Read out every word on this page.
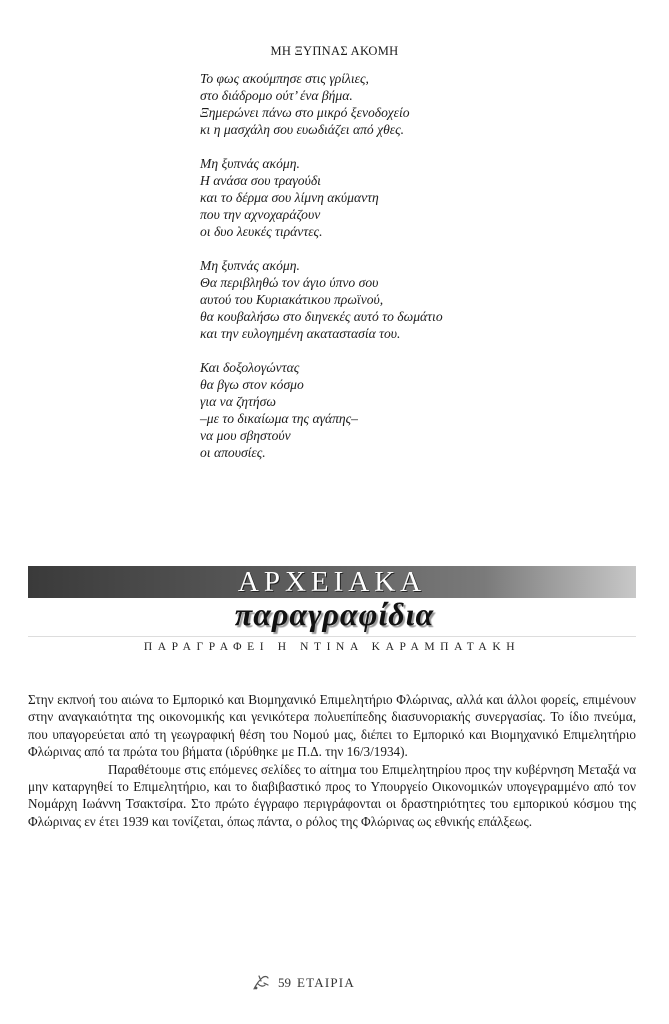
ΜΗ ΞΥΠΝΑΣ ΑΚΟΜΗ
Το φως ακούμπησε στις γρίλιες,
στο διάδρομο ούτ’ ένα βήμα.
Ξημερώνει πάνω στο μικρό ξενοδοχείο
κι η μασχάλη σου ευωδιάζει από χθες.
Μη ξυπνάς ακόμη.
Η ανάσα σου τραγούδι
και το δέρμα σου λίμνη ακύμαντη
που την αχνοχαράζουν
οι δυο λευκές τιράντες.
Μη ξυπνάς ακόμη.
Θα περιβληθώ τον άγιο ύπνο σου
αυτού του Κυριακάτικου πρωϊνού,
θα κουβαλήσω στο διηνεκές αυτό το δωμάτιο
και την ευλογημένη ακαταστασία του.
Και δοξολογώντας
θα βγω στον κόσμο
για να ζητήσω
–με το δικαίωμα της αγάπης–
να μου σβηστούν
οι απουσίες.
ΑΡΧΕΙΑΚΑ
παραγραφίδια
ΠΑΡΑΓΡΑΦΕΙ Η ΝΤΙΝΑ ΚΑΡΑΜΠΑΤΑΚΗ

Στην εκπνοή του αιώνα το Εμπορικό και Βιομηχανικό Επιμελητήριο Φλώρινας, αλλά και άλλοι φορείς, επιμένουν στην αναγκαιότητα της οικονομικής και γενικότερα πολυεπίπεδης διασυνοριακής συνεργασίας. Το ίδιο πνεύμα, που υπαγορεύεται από τη γεωγραφική θέση του Νομού μας, διέπει το Εμπορικό και Βιομηχανικό Επιμελητήριο Φλώρινας από τα πρώτα του βήματα (ιδρύθηκε με Π.Δ. την 16/3/1934).

Παραθέτουμε στις επόμενες σελίδες το αίτημα του Επιμελητηρίου προς την κυβέρνηση Μεταξά να μην καταργηθεί το Επιμελητήριο, και το διαβιβαστικό προς το Υπουργείο Οικονομικών υπογεγραμμένο από τον Νομάρχη Ιωάννη Τσακτσίρα. Στο πρώτο έγγραφο περιγράφονται οι δραστηριότητες του εμπορικού κόσμου της Φλώρινας εν έτει 1939 και τονίζεται, όπως πάντα, ο ρόλος της Φλώρινας ως εθνικής επάλξεως.

59 ΕΤΑΙΡΙΑ
